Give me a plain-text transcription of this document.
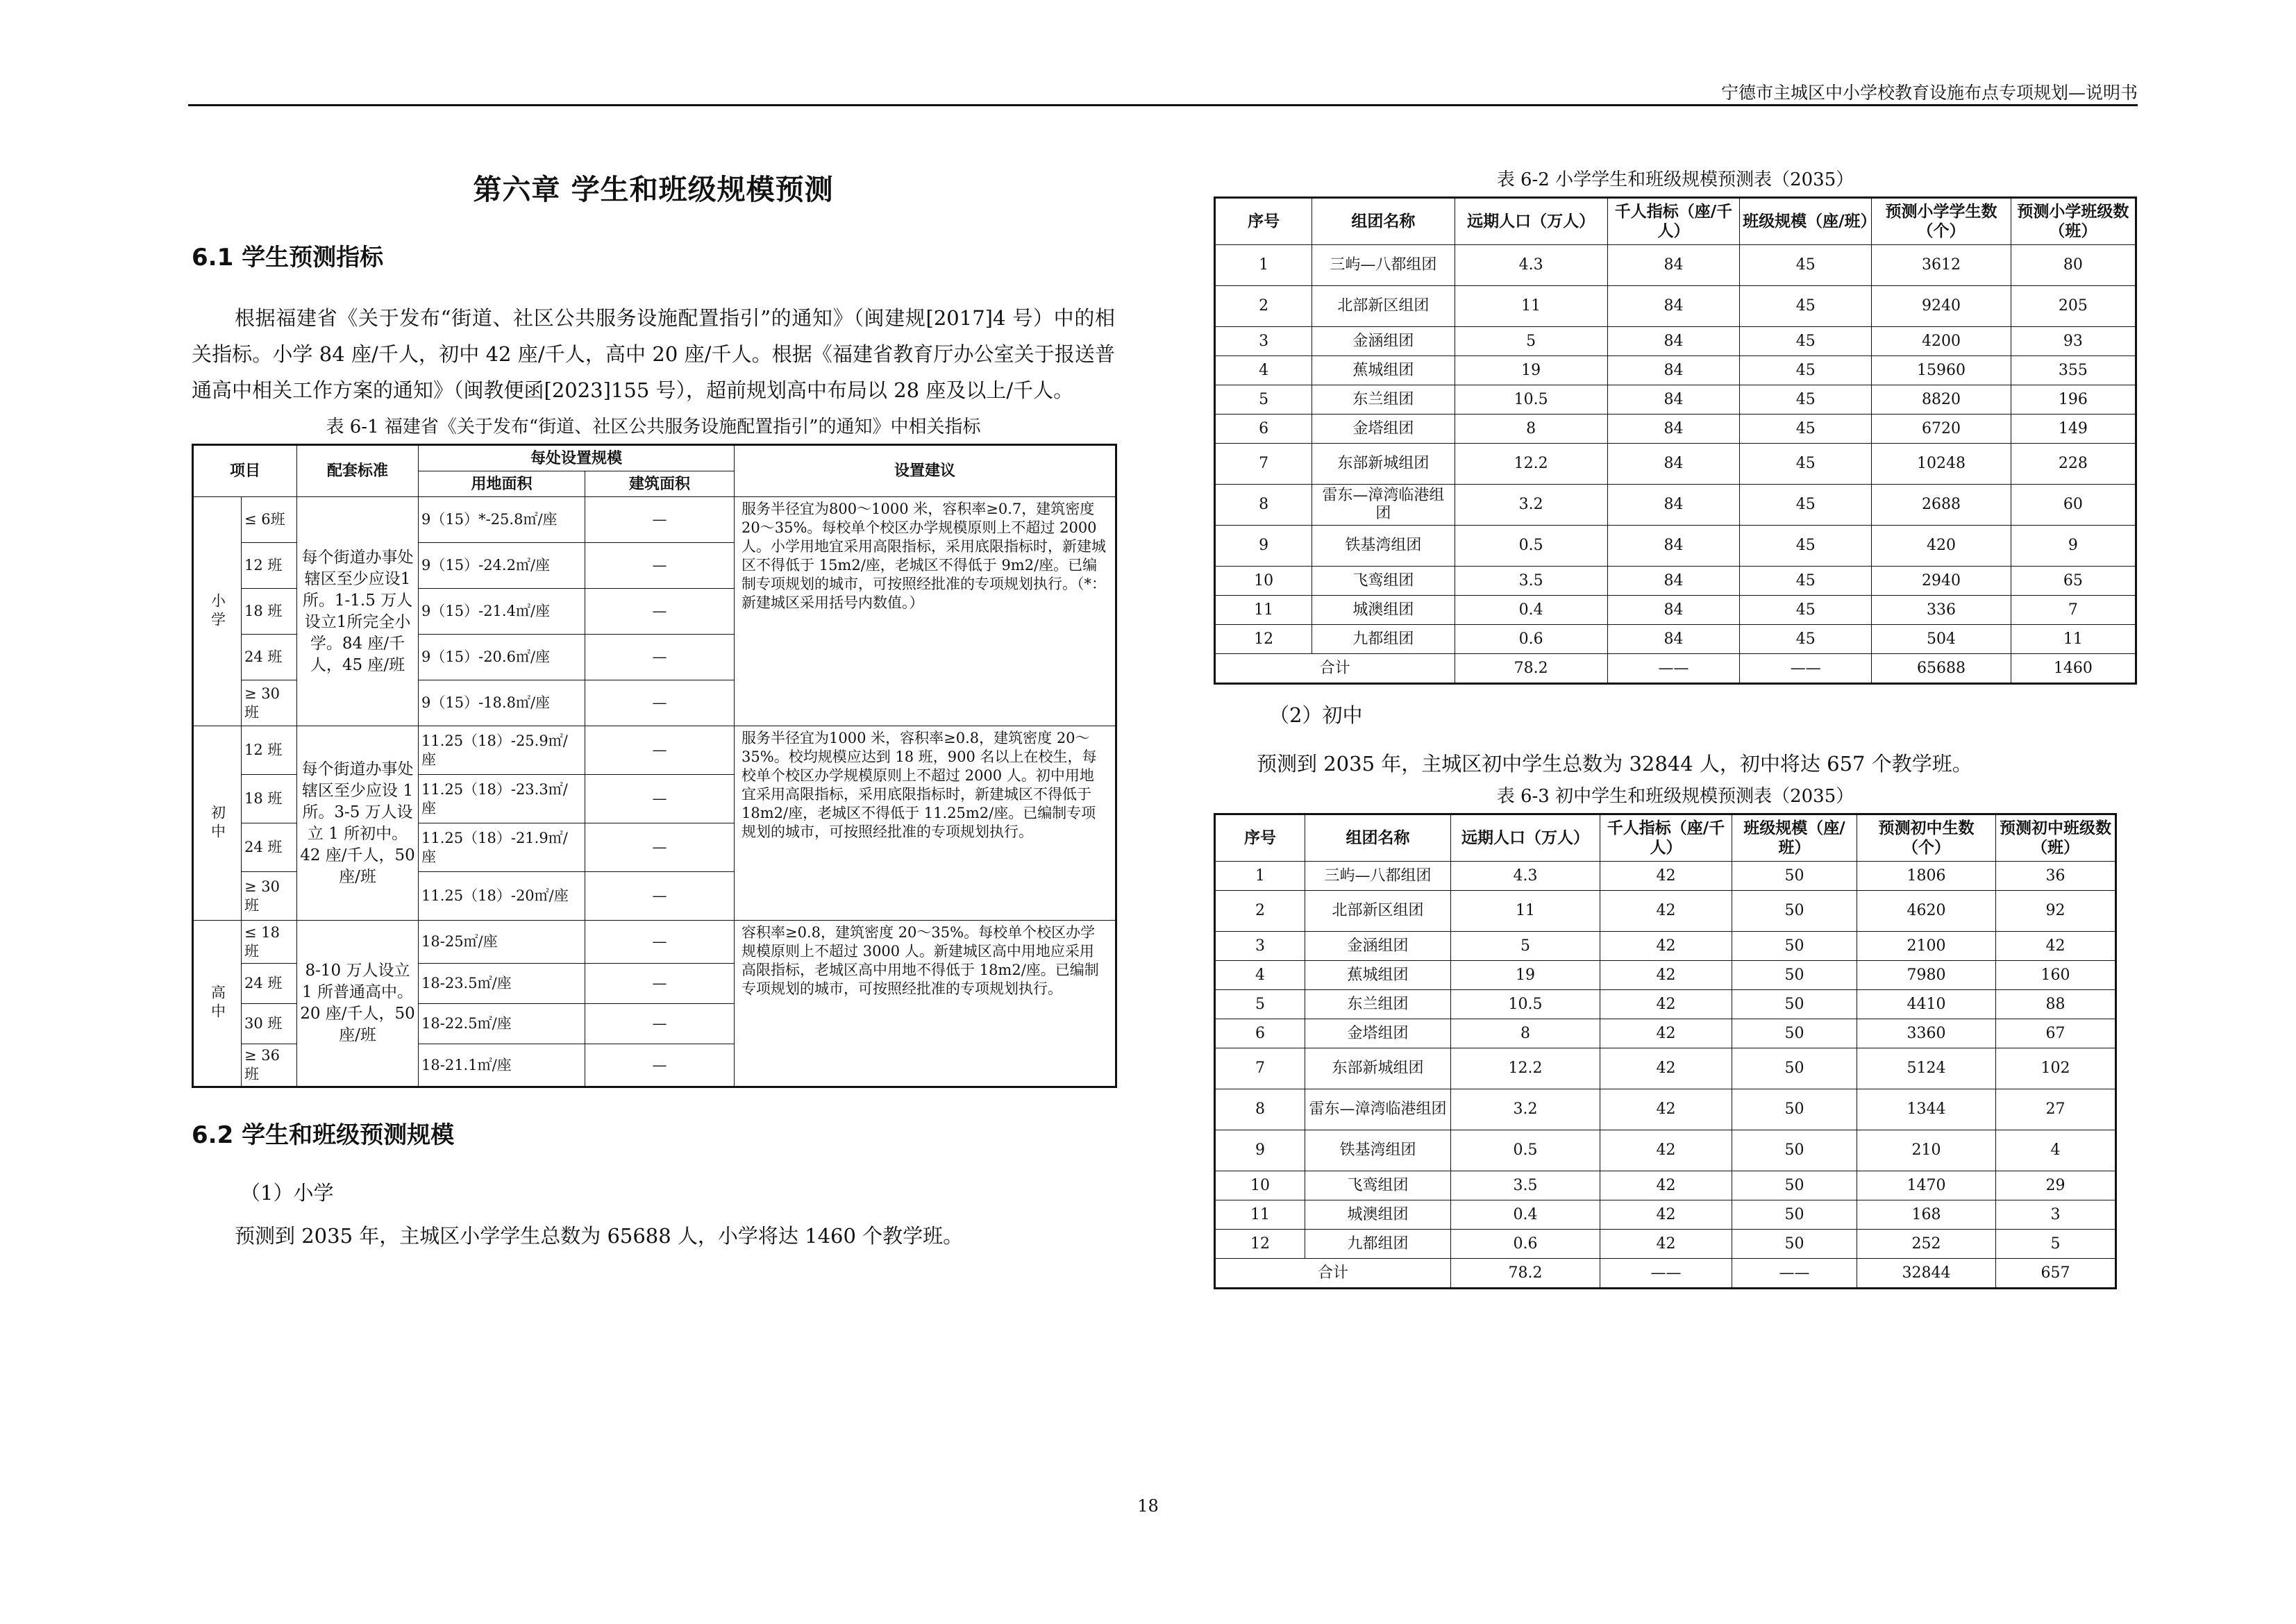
宁德市主城区中小学校教育设施布点专项规划—说明书
第六章 学生和班级规模预测
6.1 学生预测指标

根据福建省《关于发布“街道、社区公共服务设施配置指引”的通知》（闽建规[2017]4 号）中的相关指标。小学 84 座/千人，初中 42 座/千人，高中 20 座/千人。根据《福建省教育厅办公室关于报送普通高中相关工作方案的通知》（闽教便函[2023]155 号），超前规划高中布局以 28 座及以上/千人。

表 6-1 福建省《关于发布“街道、社区公共服务设施配置指引”的通知》中相关指标
项目		配套标准	每处设置规模		设置建议
			用地面积	建筑面积	

小学	≤ 6班	每个街道办事处辖区至少应设1所。1-1.5 万人设立1所完全小学。84 座/千人，45 座/班	9（15）*-25.8㎡/座	—	服务半径宜为800～1000 米，容积率≥0.7，建筑密度 20～35%。每校单个校区办学规模原则上不超过 2000 人。小学用地宜采用高限指标，采用底限指标时，新建城区不得低于 15m2/座，老城区不得低于 9m2/座。已编制专项规划的城市，可按照经批准的专项规划执行。（*：新建城区采用括号内数值。）
	12 班		9（15）-24.2㎡/座	—	
	18 班		9（15）-21.4㎡/座	—	
	24 班		9（15）-20.6㎡/座	—	
	≥ 30 班		9（15）-18.8㎡/座	—	

初中	12 班	每个街道办事处辖区至少应设 1 所。3-5 万人设立 1 所初中。42 座/千人，50 座/班	11.25（18）-25.9㎡/座	—	服务半径宜为1000 米，容积率≥0.8，建筑密度 20～35%。校均规模应达到 18 班，900 名以上在校生，每校单个校区办学规模原则上不超过 2000 人。初中用地宜采用高限指标，采用底限指标时，新建城区不得低于 18m2/座，老城区不得低于 11.25m2/座。已编制专项规划的城市，可按照经批准的专项规划执行。
	18 班		11.25（18）-23.3㎡/座	—	
	24 班		11.25（18）-21.9㎡/座	—	
	≥ 30 班		11.25（18）-20㎡/座	—	

高中	≤ 18 班	8-10 万人设立 1 所普通高中。20 座/千人，50 座/班	18-25㎡/座	—	容积率≥0.8，建筑密度 20～35%。每校单个校区办学规模原则上不超过 3000 人。新建城区高中用地应采用高限指标，老城区高中用地不得低于 18m2/座。已编制专项规划的城市，可按照经批准的专项规划执行。
	24 班		18-23.5㎡/座	—	
	30 班		18-22.5㎡/座	—	
	≥ 36 班		18-21.1㎡/座	—	
6.2 学生和班级预测规模

（1）小学

预测到 2035 年，主城区小学学生总数为 65688 人，小学将达 1460 个教学班。

表 6-2 小学学生和班级规模预测表（2035）
序号	组团名称	远期人口（万人）	千人指标（座/千人）	班级规模（座/班）	预测小学学生数（个）	预测小学班级数（班）
1	三屿—八都组团	4.3	84	45	3612	80
2	北部新区组团	11	84	45	9240	205
3	金涵组团	5	84	45	4200	93
4	蕉城组团	19	84	45	15960	355
5	东兰组团	10.5	84	45	8820	196
6	金塔组团	8	84	45	6720	149
7	东部新城组团	12.2	84	45	10248	228
8	雷东—漳湾临港组团	3.2	84	45	2688	60
9	铁基湾组团	0.5	84	45	420	9
10	飞鸾组团	3.5	84	45	2940	65
11	城澳组团	0.4	84	45	336	7
12	九都组团	0.6	84	45	504	11
合计		78.2	——	——	65688	1460

（2）初中

预测到 2035 年，主城区初中学生总数为 32844 人，初中将达 657 个教学班。

表 6-3 初中学生和班级规模预测表（2035）
序号	组团名称	远期人口（万人）	千人指标（座/千人）	班级规模（座/班）	预测初中生数（个）	预测初中班级数（班）
1	三屿—八都组团	4.3	42	50	1806	36
2	北部新区组团	11	42	50	4620	92
3	金涵组团	5	42	50	2100	42
4	蕉城组团	19	42	50	7980	160
5	东兰组团	10.5	42	50	4410	88
6	金塔组团	8	42	50	3360	67
7	东部新城组团	12.2	42	50	5124	102
8	雷东—漳湾临港组团	3.2	42	50	1344	27
9	铁基湾组团	0.5	42	50	210	4
10	飞鸾组团	3.5	42	50	1470	29
11	城澳组团	0.4	42	50	168	3
12	九都组团	0.6	42	50	252	5
合计		78.2	——	——	32844	657
18
